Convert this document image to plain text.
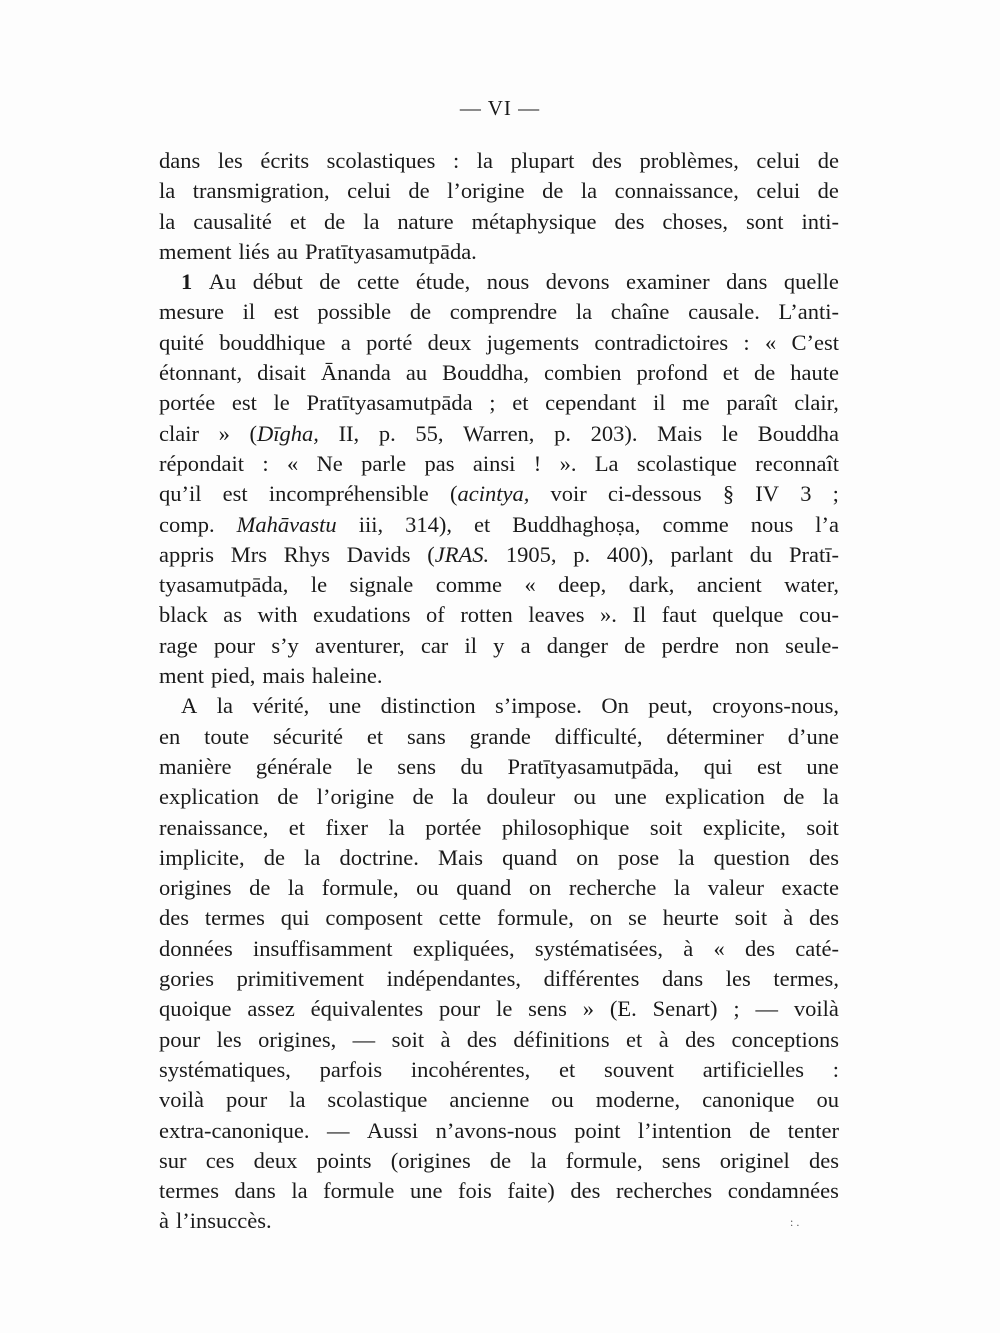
— VI —
dans les écrits scolastiques : la plupart des problèmes, celui de
la transmigration, celui de l’origine de la connaissance, celui de
la causalité et de la nature métaphysique des choses, sont inti-
mement liés au Pratītyasamutpāda.
1 Au début de cette étude, nous devons examiner dans quelle
mesure il est possible de comprendre la chaîne causale. L’anti-
quité bouddhique a porté deux jugements contradictoires : « C’est
étonnant, disait Ānanda au Bouddha, combien profond et de haute
portée est le Pratītyasamutpāda ; et cependant il me paraît clair,
clair » (Dīgha, II, p. 55, Warren, p. 203). Mais le Bouddha
répondait : « Ne parle pas ainsi ! ». La scolastique reconnaît
qu’il est incompréhensible (acintya, voir ci-dessous § IV 3 ;
comp. Mahāvastu iii, 314), et Buddhaghoṣa, comme nous l’a
appris Mrs Rhys Davids (JRAS. 1905, p. 400), parlant du Pratī-
tyasamutpāda, le signale comme « deep, dark, ancient water,
black as with exudations of rotten leaves ». Il faut quelque cou-
rage pour s’y aventurer, car il y a danger de perdre non seule-
ment pied, mais haleine.
A la vérité, une distinction s’impose. On peut, croyons-nous,
en toute sécurité et sans grande difficulté, déterminer d’une
manière générale le sens du Pratītyasamutpāda, qui est une
explication de l’origine de la douleur ou une explication de la
renaissance, et fixer la portée philosophique soit explicite, soit
implicite, de la doctrine. Mais quand on pose la question des
origines de la formule, ou quand on recherche la valeur exacte
des termes qui composent cette formule, on se heurte soit à des
données insuffisamment expliquées, systématisées, à « des caté-
gories primitivement indépendantes, différentes dans les termes,
quoique assez équivalentes pour le sens » (E. Senart) ; — voilà
pour les origines, — soit à des définitions et à des conceptions
systématiques, parfois incohérentes, et souvent artificielles :
voilà pour la scolastique ancienne ou moderne, canonique ou
extra-canonique. — Aussi n’avons-nous point l’intention de tenter
sur ces deux points (origines de la formule, sens originel des
termes dans la formule une fois faite) des recherches condamnées
à l’insuccès.	: .
